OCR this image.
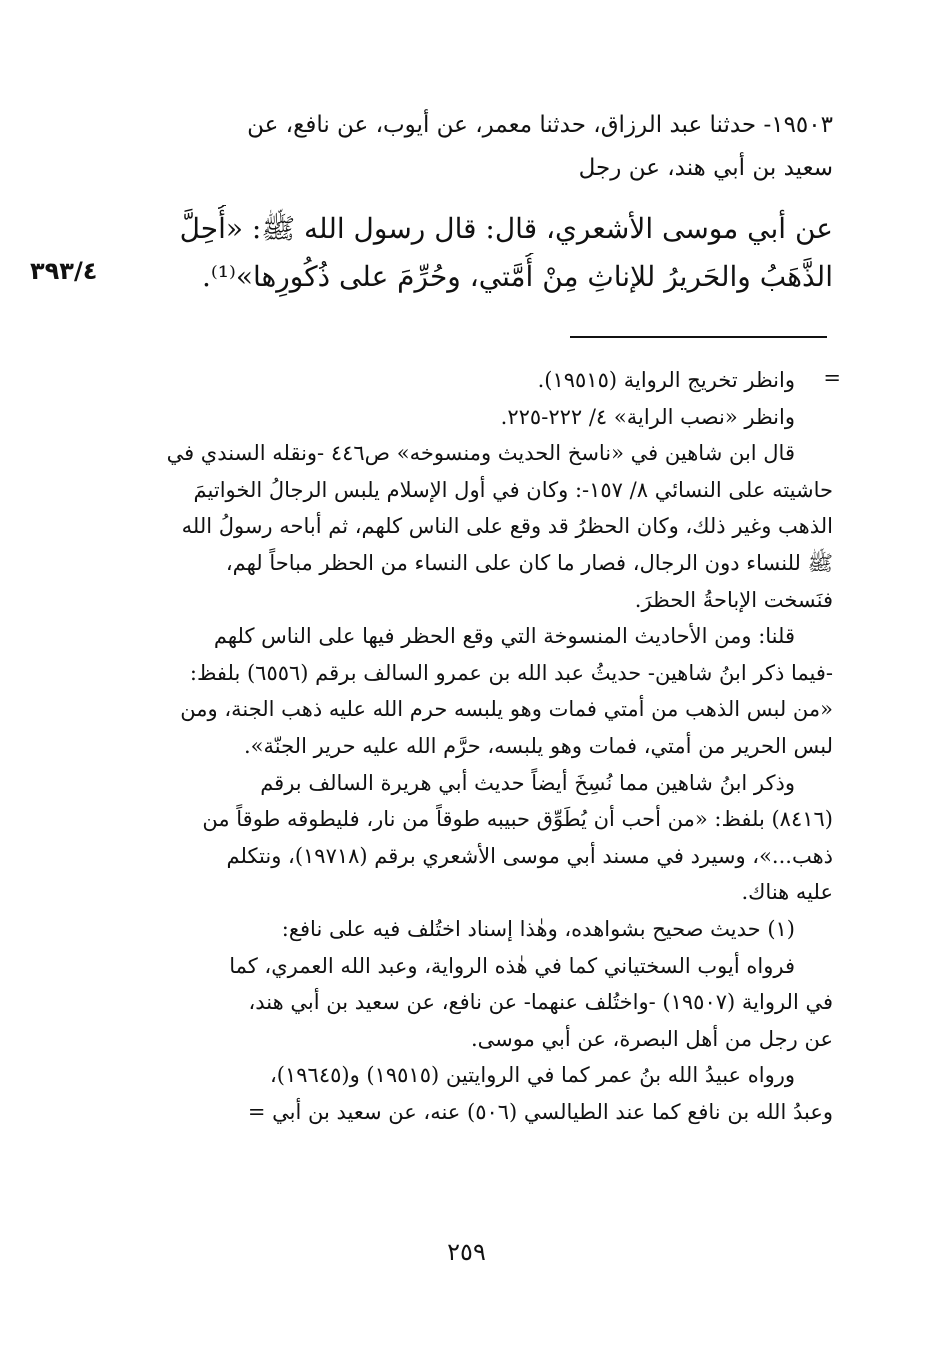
١٩٥٠٣- حدثنا عبد الرزاق، حدثنا معمر، عن أيوب، عن نافع، عن
سعيد بن أبي هند، عن رجل
عن أبي موسى الأشعري، قال: قال رسول الله ﷺ: «أُحِلَّ
الذَّهَبُ والحَريرُ للإناثِ مِنْ أُمَّتي، وحُرِّمَ على ذُكُورِها»⁽¹⁾.
٣٩٣/٤
=
وانظر تخريج الرواية (١٩٥١٥).
وانظر «نصب الراية» ٤/ ٢٢٢-٢٢٥.
قال ابن شاهين في «ناسخ الحديث ومنسوخه» ص٤٤٦ -ونقله السندي في
حاشيته على النسائي ٨/ ١٥٧-: وكان في أول الإسلام يلبس الرجالُ الخواتيمَ
الذهب وغير ذلك، وكان الحظرُ قد وقع على الناس كلهم، ثم أباحه رسولُ الله
ﷺ للنساء دون الرجال، فصار ما كان على النساء من الحظر مباحاً لهم،
فنَسخت الإباحةُ الحظرَ.
قلنا: ومن الأحاديث المنسوخة التي وقع الحظر فيها على الناس كلهم
-فيما ذكر ابنُ شاهين- حديثُ عبد الله بن عمرو السالف برقم (٦٥٥٦) بلفظ:
«من لبس الذهب من أمتي فمات وهو يلبسه حرم الله عليه ذهب الجنة، ومن
لبس الحرير من أمتي، فمات وهو يلبسه، حرَّم الله عليه حرير الجنّة».
وذكر ابنُ شاهين مما نُسِخَ أيضاً حديث أبي هريرة السالف برقم
(٨٤١٦) بلفظ: «من أحب أن يُطَوِّق حبيبه طوقاً من نار، فليطوقه طوقاً من
ذهب...»، وسيرد في مسند أبي موسى الأشعري برقم (١٩٧١٨)، ونتكلم
عليه هناك.
(١) حديث صحيح بشواهده، وهٰذا إسناد اختُلف فيه على نافع:
فرواه أيوب السختياني كما في هٰذه الرواية، وعبد الله العمري، كما
في الرواية (١٩٥٠٧) -واختُلف عنهما- عن نافع، عن سعيد بن أبي هند،
عن رجل من أهل البصرة، عن أبي موسى.
ورواه عبيدُ الله بنُ عمر كما في الروايتين (١٩٥١٥) و(١٩٦٤٥)،
وعبدُ الله بن نافع كما عند الطيالسي (٥٠٦) عنه، عن سعيد بن أبي =
٢٥٩
